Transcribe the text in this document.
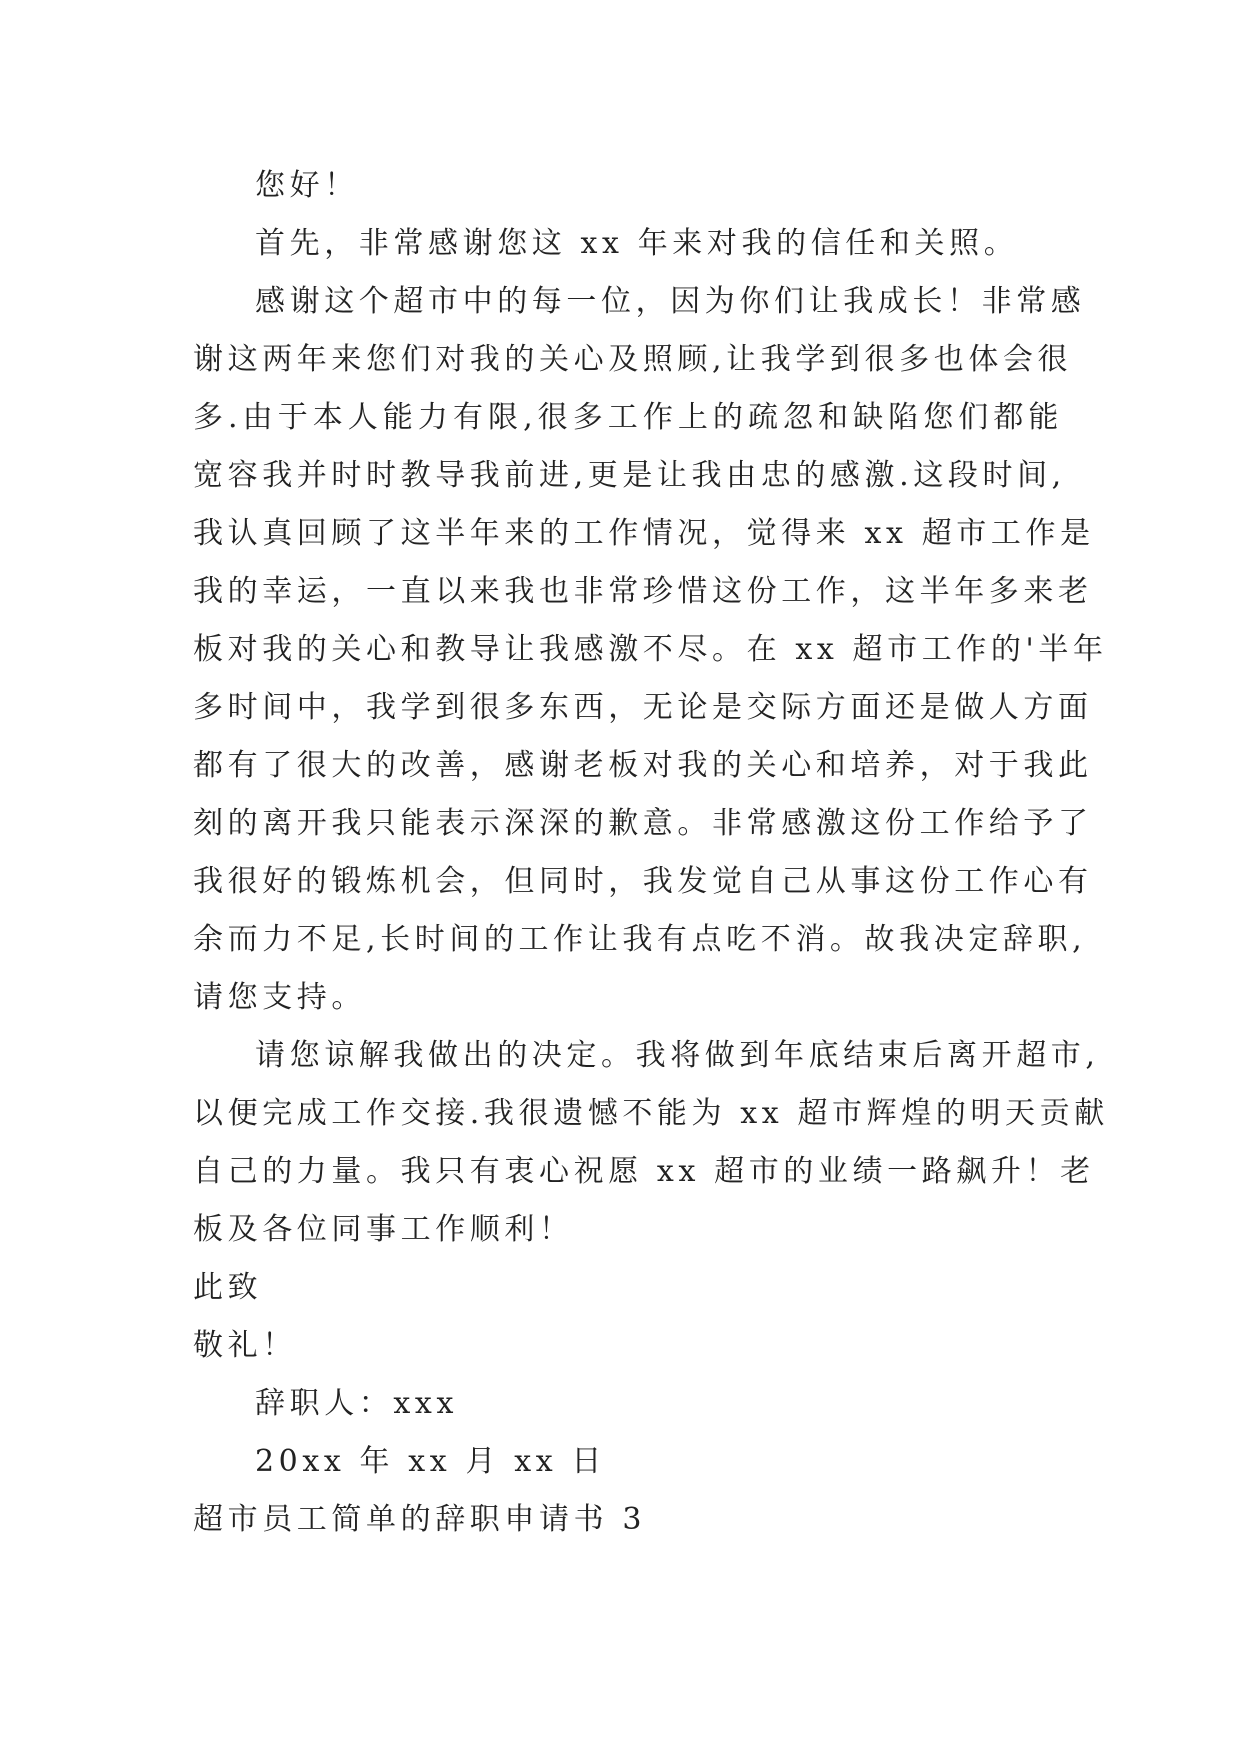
您好！
首先，非常感谢您这 xx 年来对我的信任和关照。
感谢这个超市中的每一位，因为你们让我成长！非常感
谢这两年来您们对我的关心及照顾,让我学到很多也体会很
多.由于本人能力有限,很多工作上的疏忽和缺陷您们都能
宽容我并时时教导我前进,更是让我由忠的感激.这段时间,
我认真回顾了这半年来的工作情况，觉得来 xx 超市工作是
我的幸运，一直以来我也非常珍惜这份工作，这半年多来老
板对我的关心和教导让我感激不尽。在 xx 超市工作的'半年
多时间中，我学到很多东西，无论是交际方面还是做人方面
都有了很大的改善，感谢老板对我的关心和培养，对于我此
刻的离开我只能表示深深的歉意。非常感激这份工作给予了
我很好的锻炼机会，但同时，我发觉自己从事这份工作心有
余而力不足,长时间的工作让我有点吃不消。故我决定辞职,
请您支持。
请您谅解我做出的决定。我将做到年底结束后离开超市,
以便完成工作交接.我很遗憾不能为 xx 超市辉煌的明天贡献
自己的力量。我只有衷心祝愿 xx 超市的业绩一路飙升！老
板及各位同事工作顺利！
此致
敬礼！
辞职人：xxx
20xx 年 xx 月 xx 日
超市员工简单的辞职申请书 3
